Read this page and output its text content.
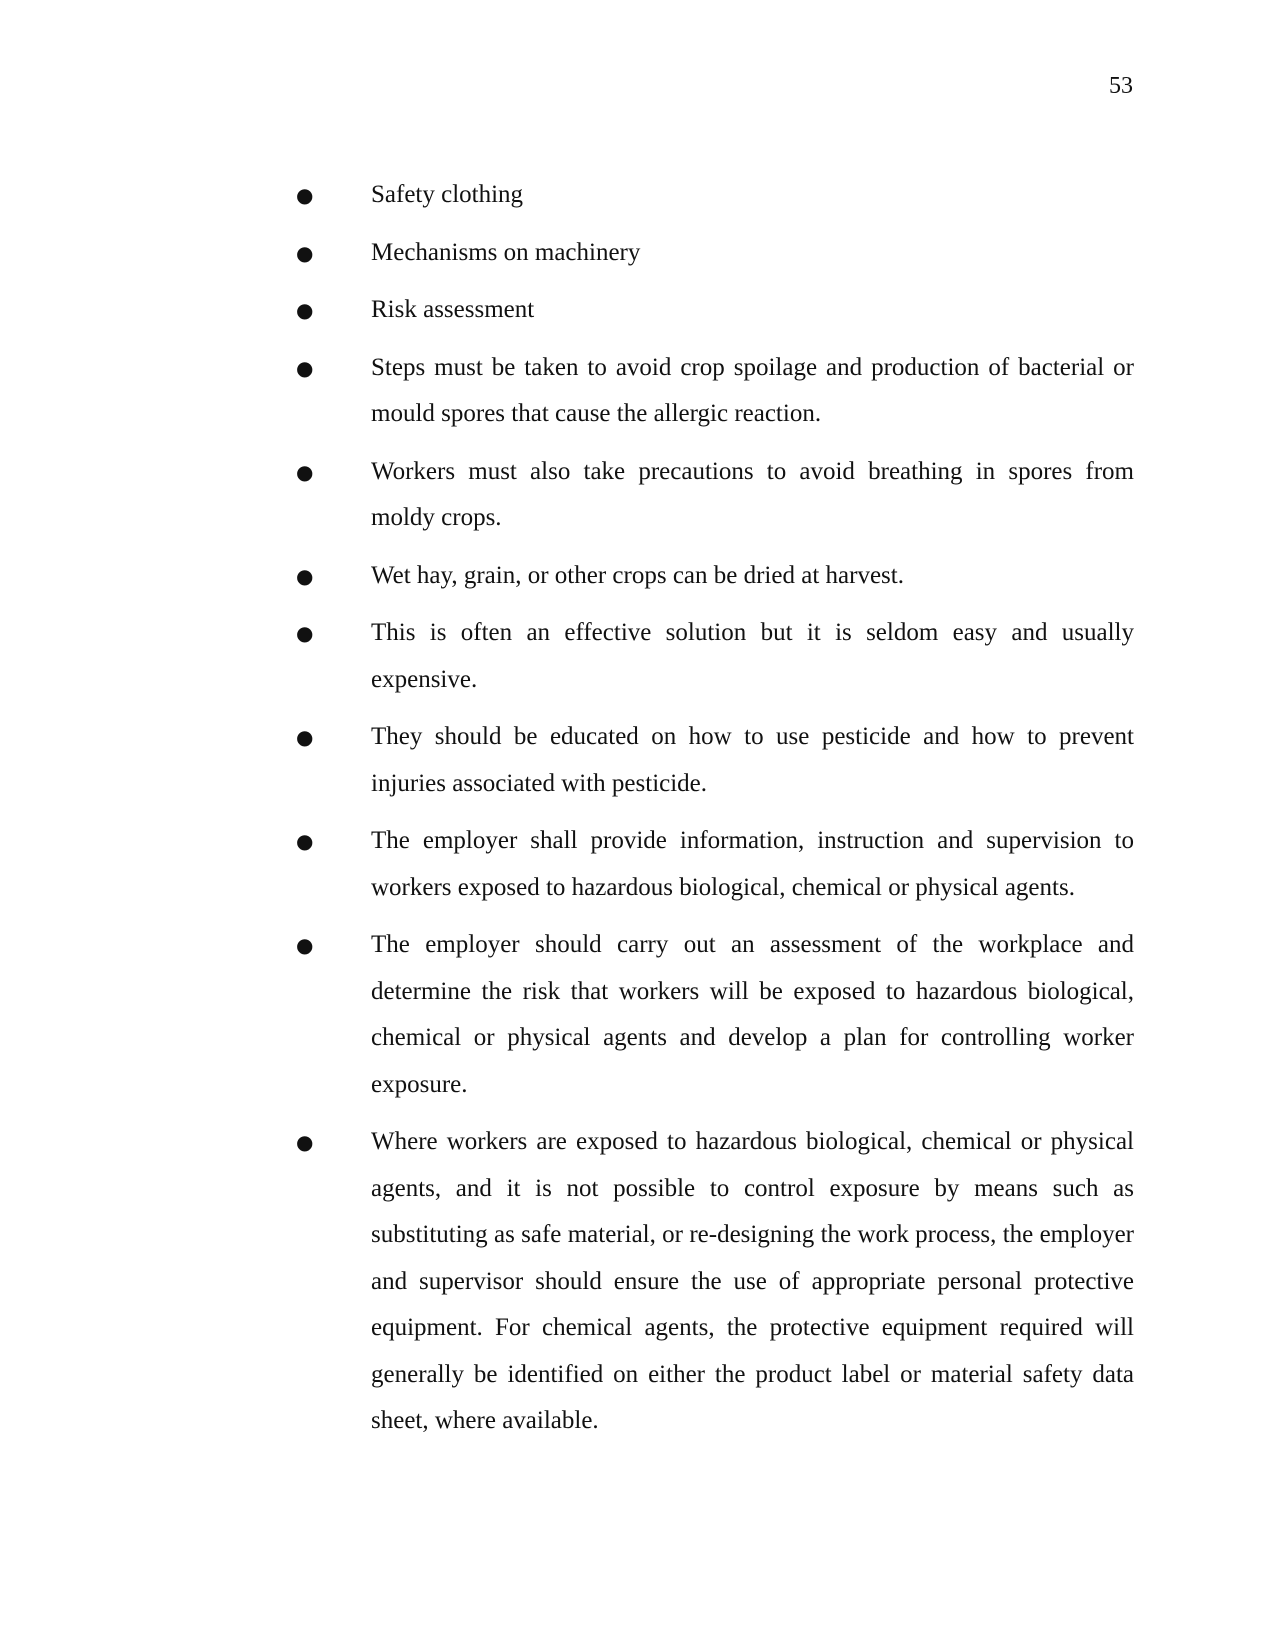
53
● Safety clothing
● Mechanisms on machinery
● Risk assessment
● Steps must be taken to avoid crop spoilage and production of bacterial or mould spores that cause the allergic reaction.
● Workers must also take precautions to avoid breathing in spores from moldy crops.
● Wet hay, grain, or other crops can be dried at harvest.
● This is often an effective solution but it is seldom easy and usually expensive.
● They should be educated on how to use pesticide and how to prevent injuries associated with pesticide.
● The employer shall provide information, instruction and supervision to workers exposed to hazardous biological, chemical or physical agents.
● The employer should carry out an assessment of the workplace and determine the risk that workers will be exposed to hazardous biological, chemical or physical agents and develop a plan for controlling worker exposure.
● Where workers are exposed to hazardous biological, chemical or physical agents, and it is not possible to control exposure by means such as substituting as safe material, or re-designing the work process, the employer and supervisor should ensure the use of appropriate personal protective equipment. For chemical agents, the protective equipment required will generally be identified on either the product label or material safety data sheet, where available.
